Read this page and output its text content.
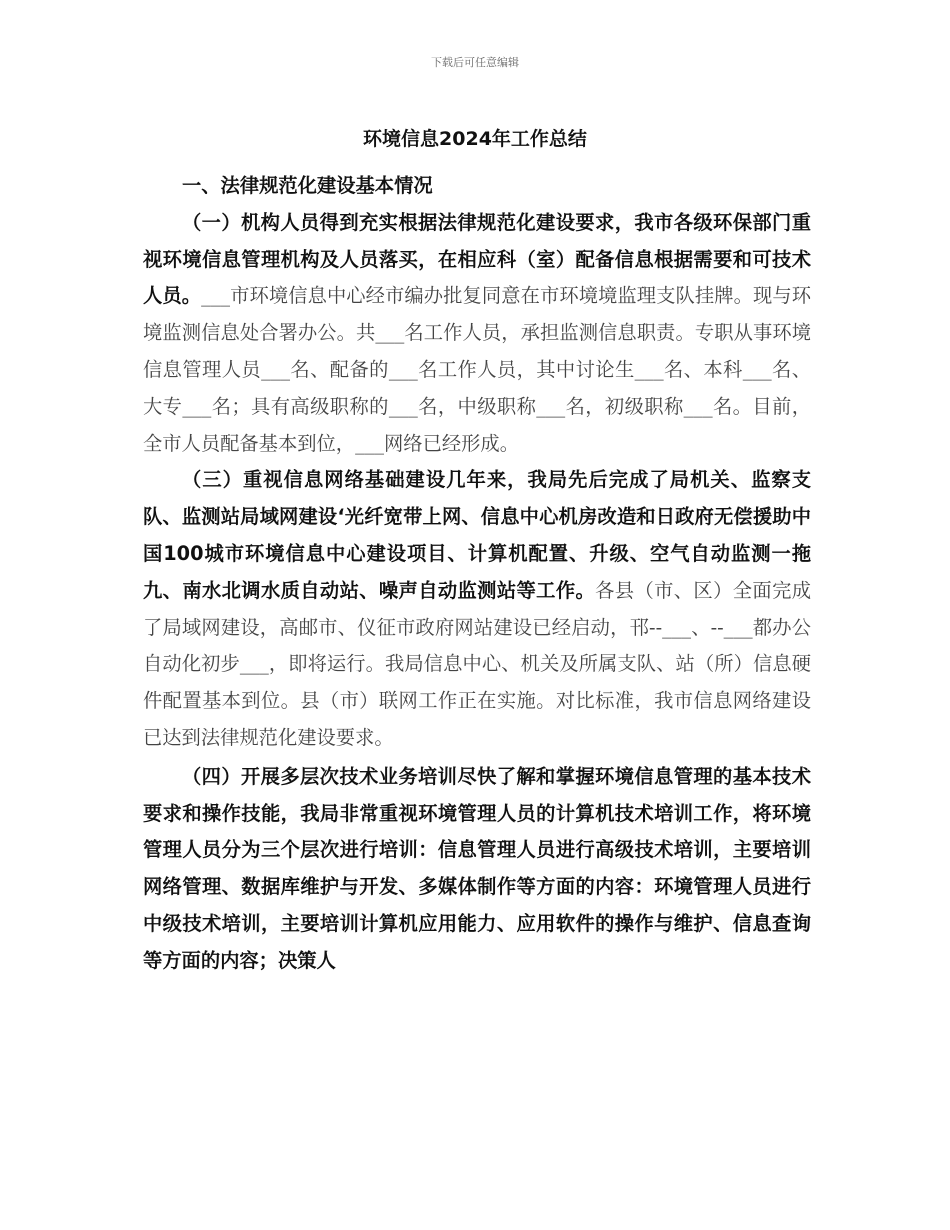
下载后可任意编辑
环境信息2024年工作总结

一、法律规范化建设基本情况

（一）机构人员得到充实根据法律规范化建设要求，我市各级环保部门重视环境信息管理机构及人员落买，在相应科（室）配备信息根据需要和可技术人员。___市环境信息中心经市编办批复同意在市环境境监理支队挂牌。现与环境监测信息处合署办公。共___名工作人员，承担监测信息职责。专职从事环境信息管理人员___名、配备的___名工作人员，其中讨论生___名、本科___名、大专___名；具有高级职称的___名，中级职称___名，初级职称___名。目前，全市人员配备基本到位，___网络已经形成。

（三）重视信息网络基础建设几年来，我局先后完成了局机关、监察支队、监测站局域网建设‘光纤宽带上网、信息中心机房改造和日政府无偿援助中国100城市环境信息中心建设项目、计算机配置、升级、空气自动监测一拖九、南水北调水质自动站、噪声自动监测站等工作。各县（市、区）全面完成了局域网建设，高邮市、仪征市政府网站建设已经启动，邗--___、--___都办公自动化初步___，即将运行。我局信息中心、机关及所属支队、站（所）信息硬件配置基本到位。县（市）联网工作正在实施。对比标准，我市信息网络建设已达到法律规范化建设要求。

（四）开展多层次技术业务培训尽快了解和掌握环境信息管理的基本技术要求和操作技能，我局非常重视环境管理人员的计算机技术培训工作，将环境管理人员分为三个层次进行培训：信息管理人员进行高级技术培训，主要培训网络管理、数据库维护与开发、多媒体制作等方面的内容：环境管理人员进行中级技术培训，主要培训计算机应用能力、应用软件的操作与维护、信息查询等方面的内容；决策人
